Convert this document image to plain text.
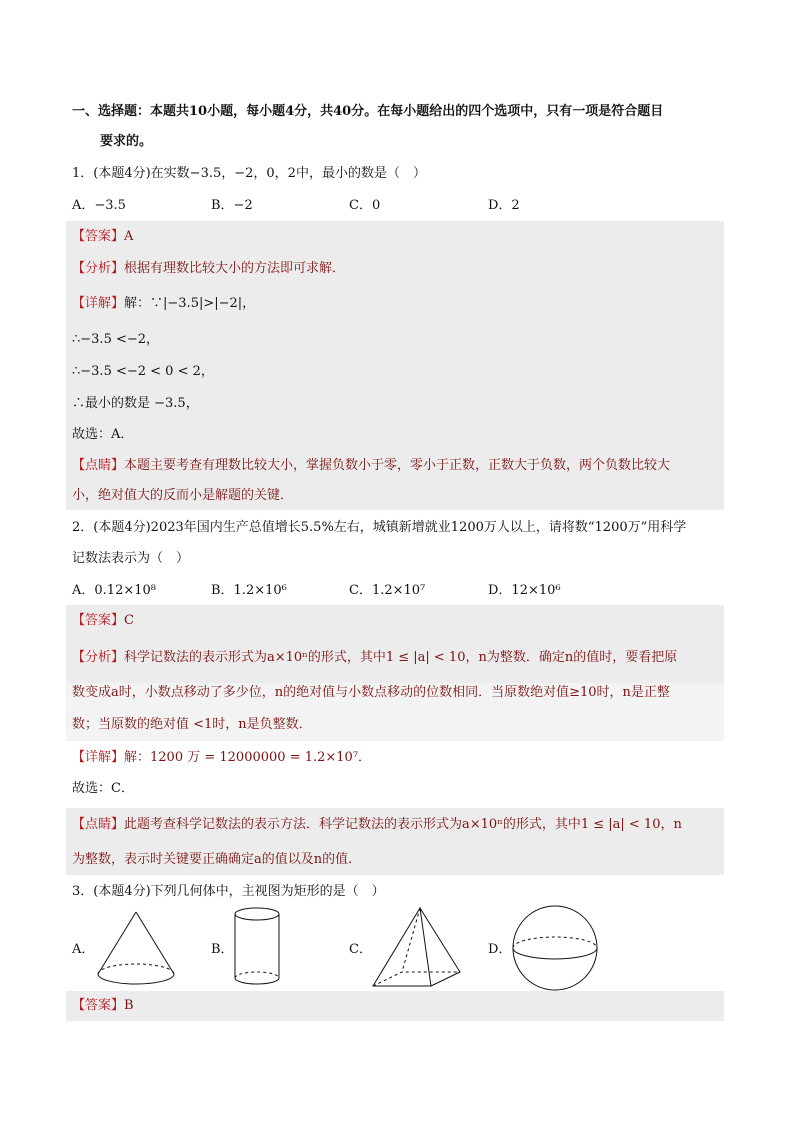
一、选择题：本题共10小题，每小题4分，共40分。在每小题给出的四个选项中，只有一项是符合题目
要求的。
1．(本题4分)在实数−3.5，−2，0，2中，最小的数是（　）
A．−3.5	B．−2	C．0	D．2
【答案】A
【分析】根据有理数比较大小的方法即可求解．
【详解】解：∵|−3.5|>|−2|，
∴−3.5 <−2，
∴−3.5 <−2 < 0 < 2，
∴最小的数是 −3.5，
故选：A．
【点睛】本题主要考查有理数比较大小，掌握负数小于零，零小于正数，正数大于负数，两个负数比较大
小，绝对值大的反而小是解题的关键．
2．(本题4分)2023年国内生产总值增长5.5%左右，城镇新增就业1200万人以上，请将数“1200万”用科学
记数法表示为（　）
A．0.12×10⁸	B．1.2×10⁶	C．1.2×10⁷	D．12×10⁶
【答案】C
【分析】科学记数法的表示形式为a×10ⁿ的形式，其中1 ≤ |a| < 10，n为整数．确定n的值时，要看把原
数变成a时，小数点移动了多少位，n的绝对值与小数点移动的位数相同．当原数绝对值≥10时，n是正整
数；当原数的绝对值 <1时，n是负整数．
【详解】解：1200 万 = 12000000 = 1.2×10⁷．
故选：C．
【点睛】此题考查科学记数法的表示方法．科学记数法的表示形式为a×10ⁿ的形式，其中1 ≤ |a| < 10，n
为整数，表示时关键要正确确定a的值以及n的值．
3．(本题4分)下列几何体中，主视图为矩形的是（　）
A．	B．	C．	D．
【答案】B
